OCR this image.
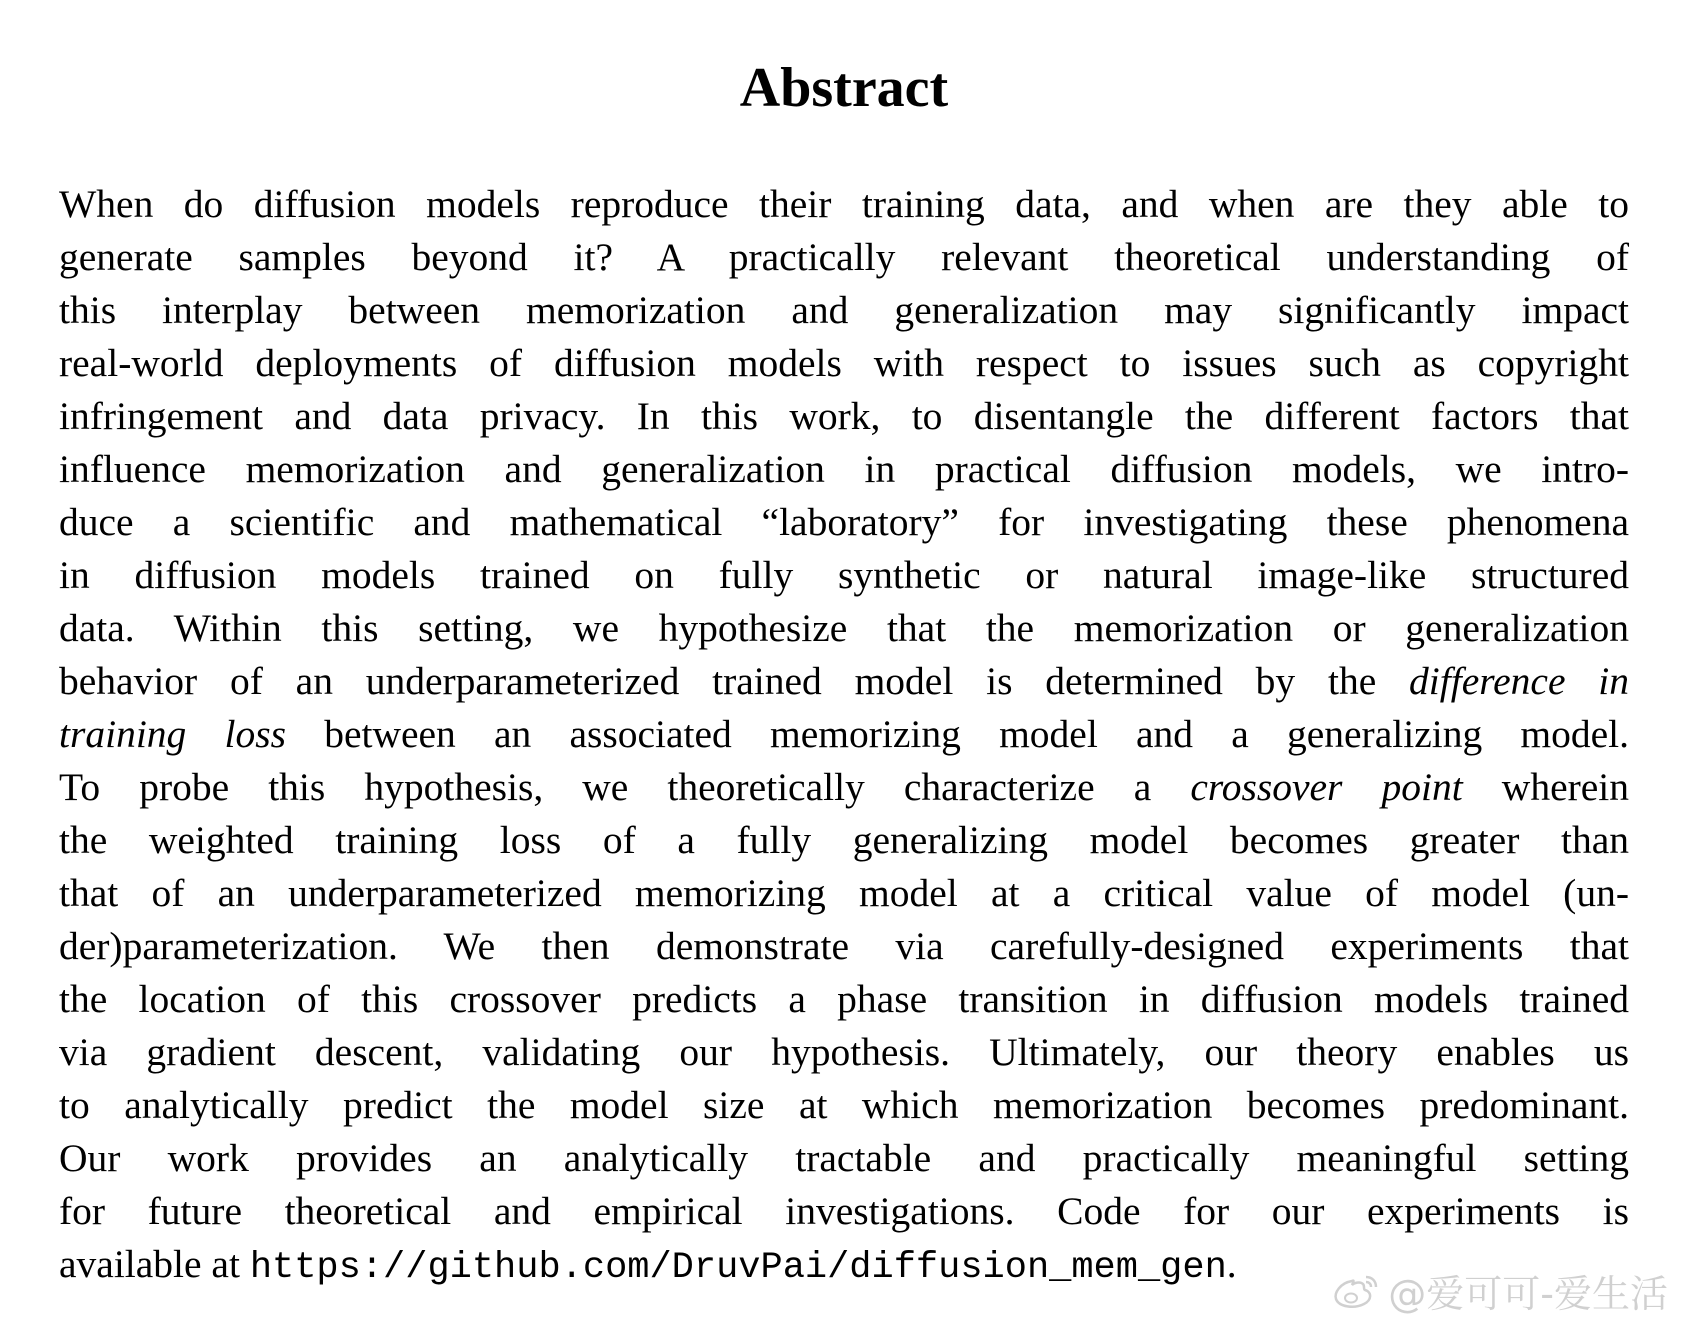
Abstract
When do diffusion models reproduce their training data, and when are they able to
generate samples beyond it? A practically relevant theoretical understanding of
this interplay between memorization and generalization may significantly impact
real-world deployments of diffusion models with respect to issues such as copyright
infringement and data privacy. In this work, to disentangle the different factors that
influence memorization and generalization in practical diffusion models, we intro-
duce a scientific and mathematical “laboratory” for investigating these phenomena
in diffusion models trained on fully synthetic or natural image-like structured
data. Within this setting, we hypothesize that the memorization or generalization
behavior of an underparameterized trained model is determined by the difference in
training loss between an associated memorizing model and a generalizing model.
To probe this hypothesis, we theoretically characterize a crossover point wherein
the weighted training loss of a fully generalizing model becomes greater than
that of an underparameterized memorizing model at a critical value of model (un-
der)parameterization. We then demonstrate via carefully-designed experiments that
the location of this crossover predicts a phase transition in diffusion models trained
via gradient descent, validating our hypothesis. Ultimately, our theory enables us
to analytically predict the model size at which memorization becomes predominant.
Our work provides an analytically tractable and practically meaningful setting
for future theoretical and empirical investigations. Code for our experiments is
available at https://github.com/DruvPai/diffusion_mem_gen.
@爱可可-爱生活
